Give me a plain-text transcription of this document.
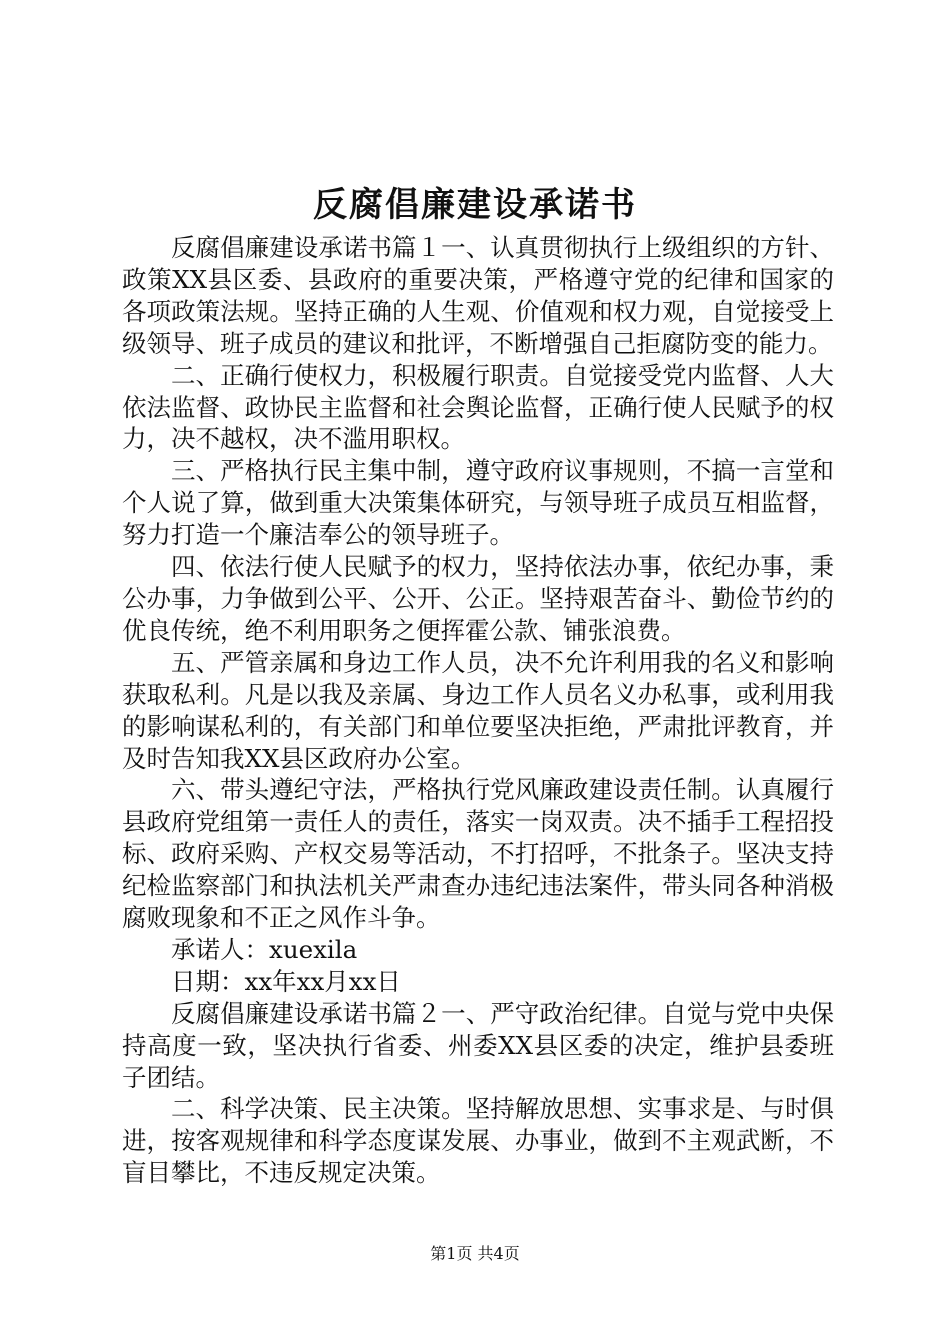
反腐倡廉建设承诺书

反腐倡廉建设承诺书篇１一、认真贯彻执行上级组织的方针、政策XX县区委、县政府的重要决策，严格遵守党的纪律和国家的各项政策法规。坚持正确的人生观、价值观和权力观，自觉接受上级领导、班子成员的建议和批评，不断增强自己拒腐防变的能力。

二、正确行使权力，积极履行职责。自觉接受党内监督、人大依法监督、政协民主监督和社会舆论监督，正确行使人民赋予的权力，决不越权，决不滥用职权。

三、严格执行民主集中制，遵守政府议事规则，不搞一言堂和个人说了算，做到重大决策集体研究，与领导班子成员互相监督，努力打造一个廉洁奉公的领导班子。

四、依法行使人民赋予的权力，坚持依法办事，依纪办事，秉公办事，力争做到公平、公开、公正。坚持艰苦奋斗、勤俭节约的优良传统，绝不利用职务之便挥霍公款、铺张浪费。

五、严管亲属和身边工作人员，决不允许利用我的名义和影响获取私利。凡是以我及亲属、身边工作人员名义办私事，或利用我的影响谋私利的，有关部门和单位要坚决拒绝，严肃批评教育，并及时告知我XX县区政府办公室。

六、带头遵纪守法，严格执行党风廉政建设责任制。认真履行县政府党组第一责任人的责任，落实一岗双责。决不插手工程招投标、政府采购、产权交易等活动，不打招呼，不批条子。坚决支持纪检监察部门和执法机关严肃查办违纪违法案件，带头同各种消极腐败现象和不正之风作斗争。

承诺人：xuexila

日期：xx年xx月xx日

反腐倡廉建设承诺书篇２一、严守政治纪律。自觉与党中央保持高度一致，坚决执行省委、州委XX县区委的决定，维护县委班子团结。

二、科学决策、民主决策。坚持解放思想、实事求是、与时俱进，按客观规律和科学态度谋发展、办事业，做到不主观武断，不盲目攀比，不违反规定决策。

第1页 共4页
